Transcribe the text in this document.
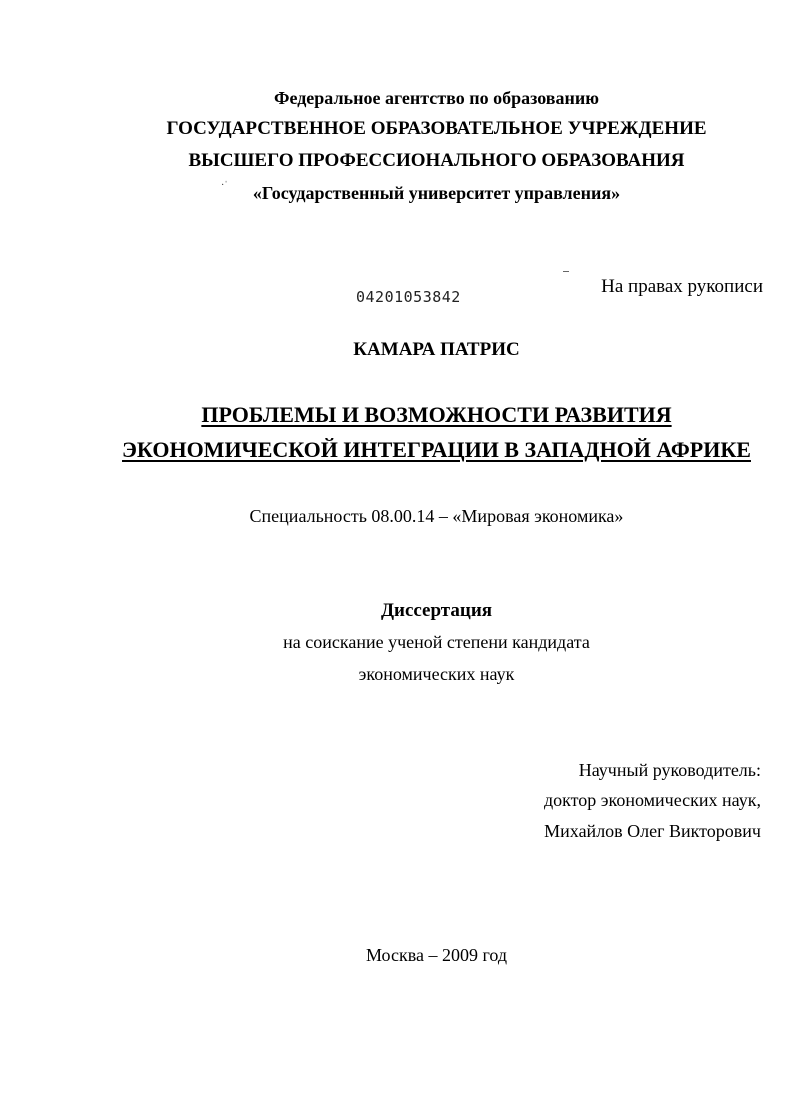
Федеральное агентство по образованию
ГОСУДАРСТВЕННОЕ ОБРАЗОВАТЕЛЬНОЕ УЧРЕЖДЕНИЕ
ВЫСШЕГО ПРОФЕССИОНАЛЬНОГО ОБРАЗОВАНИЯ
·ˈ	«Государственный университет управления»
04201053842	На правах рукописи
КАМАРА ПАТРИС
ПРОБЛЕМЫ И ВОЗМОЖНОСТИ РАЗВИТИЯ
ЭКОНОМИЧЕСКОЙ ИНТЕГРАЦИИ В ЗАПАДНОЙ АФРИКЕ
Специальность 08.00.14 – «Мировая экономика»
Диссертация
на соискание ученой степени кандидата
экономических наук
Научный руководитель:
доктор экономических наук,
Михайлов Олег Викторович
Москва – 2009 год
